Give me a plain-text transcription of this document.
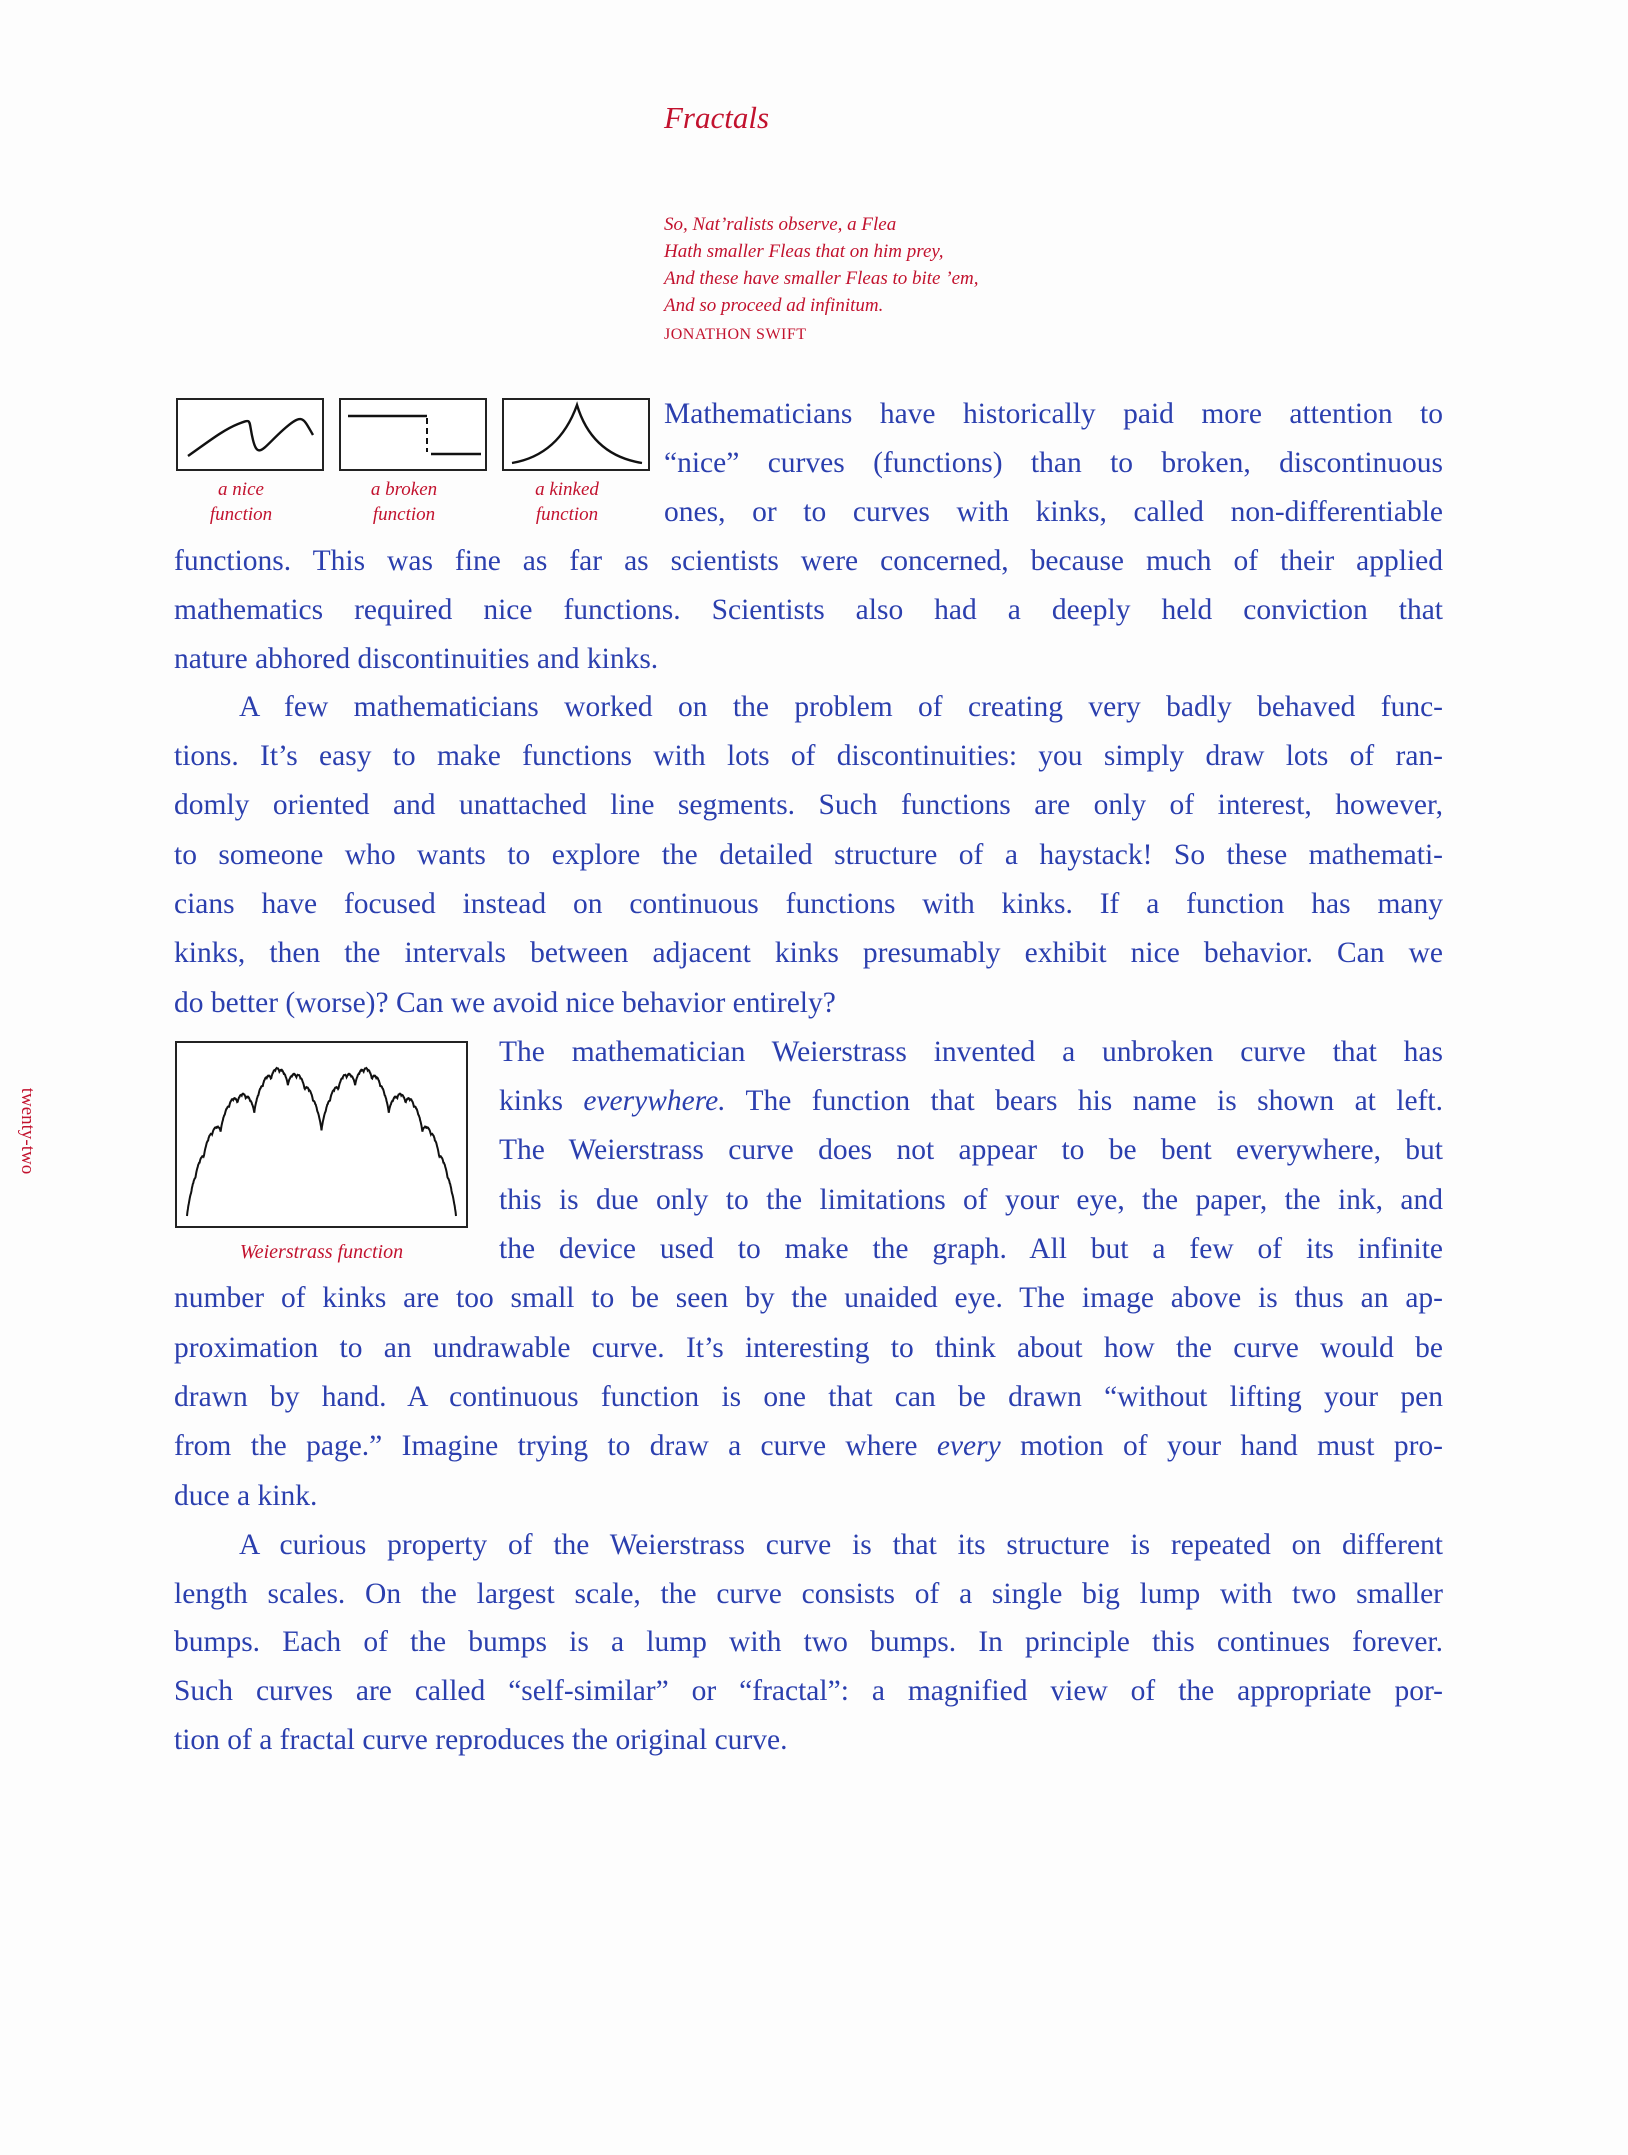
Fractals
So, Nat’ralists observe, a Flea
Hath smaller Fleas that on him prey,
And these have smaller Fleas to bite ’em,
And so proceed ad infinitum.
JONATHON SWIFT
a nice
function
a broken
function
a kinked
function
Weierstrass function
twenty-two
Mathematicians have historically paid more attention to
“nice” curves (functions) than to broken, discontinuous
ones, or to curves with kinks, called non-differentiable
functions. This was fine as far as scientists were concerned, because much of their applied
mathematics required nice functions. Scientists also had a deeply held conviction that
nature abhored discontinuities and kinks.
A few mathematicians worked on the problem of creating very badly behaved func-
tions. It’s easy to make functions with lots of discontinuities: you simply draw lots of ran-
domly oriented and unattached line segments. Such functions are only of interest, however,
to someone who wants to explore the detailed structure of a haystack! So these mathemati-
cians have focused instead on continuous functions with kinks. If a function has many
kinks, then the intervals between adjacent kinks presumably exhibit nice behavior. Can we
do better (worse)? Can we avoid nice behavior entirely?
The mathematician Weierstrass invented a unbroken curve that has
kinks everywhere. The function that bears his name is shown at left.
The Weierstrass curve does not appear to be bent everywhere, but
this is due only to the limitations of your eye, the paper, the ink, and
the device used to make the graph. All but a few of its infinite
number of kinks are too small to be seen by the unaided eye. The image above is thus an ap-
proximation to an undrawable curve. It’s interesting to think about how the curve would be
drawn by hand. A continuous function is one that can be drawn “without lifting your pen
from the page.” Imagine trying to draw a curve where every motion of your hand must pro-
duce a kink.
A curious property of the Weierstrass curve is that its structure is repeated on different
length scales. On the largest scale, the curve consists of a single big lump with two smaller
bumps. Each of the bumps is a lump with two bumps. In principle this continues forever.
Such curves are called “self-similar” or “fractal”: a magnified view of the appropriate por-
tion of a fractal curve reproduces the original curve.
